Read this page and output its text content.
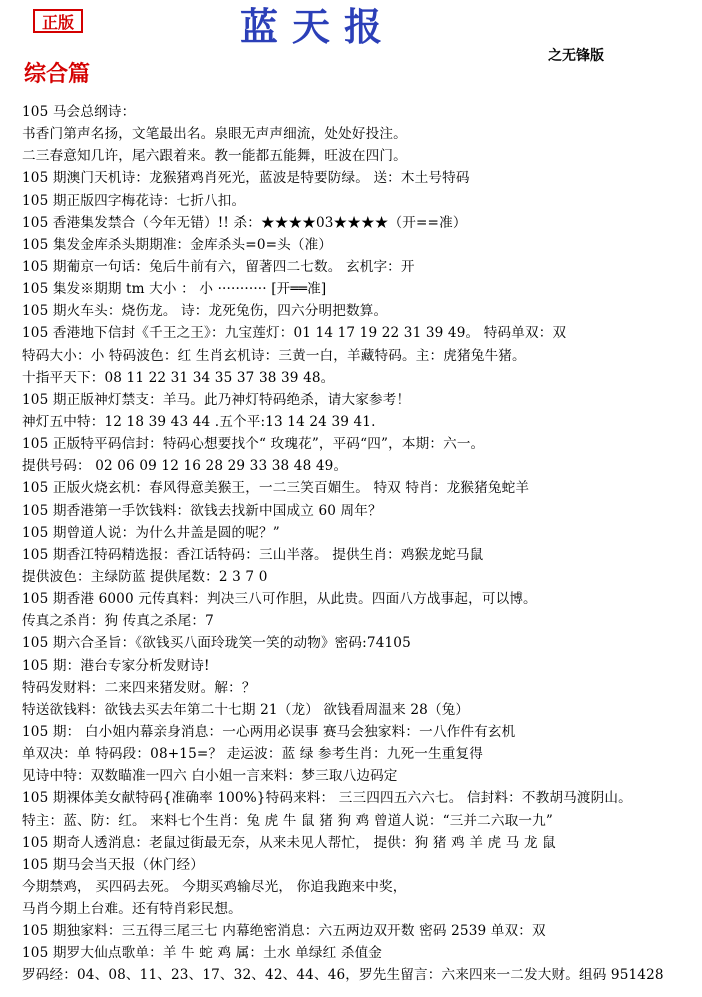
正版	蓝天报
之无锋版
综合篇
105 马会总纲诗：
书香门第声名扬，文笔最出名。泉眼无声声细流，处处好投注。
二三春意知几许，尾六跟着来。教一能都五能舞，旺波在四门。
105 期澳门天机诗：龙猴猪鸡肖死光，蓝波是特要防绿。 送：木土号特码
105 期正版四字梅花诗：七折八扣。
105 香港集发禁合（今年无错）!! 杀：★★★★03★★★★（开==准）
105 集发金库杀头期期准：金库杀头=0=头（准）
105 期葡京一句话：兔后牛前有六，留著四二七数。 玄机字：开
105 集发※期期 tm 大小 ： 小 ··········· [开══准]
105 期火车头：烧伤龙。 诗：龙死兔伤，四六分明把数算。
105 香港地下信封《千王之王》：九宝莲灯：01 14 17 19 22 31 39 49。 特码单双：双
特码大小：小 特码波色：红 生肖玄机诗：三黄一白，羊藏特码。主：虎猪兔牛猪。
十指平天下：08 11 22 31 34 35 37 38 39 48。
105 期正版神灯禁支：羊马。此乃神灯特码绝杀，请大家参考！
神灯五中特：12 18 39 43 44 .五个平:13 14 24 39 41.
105 正版特平码信封：特码心想要找个“ 玫瑰花”，平码“四”，本期：六一。
提供号码： 02 06 09 12 16 28 29 33 38 48 49。
105 正版火烧玄机：春风得意美猴王，一二三笑百媚生。 特双 特肖：龙猴猪兔蛇羊
105 期香港第一手饮钱料：欲钱去找新中国成立 60 周年？
105 期曾道人说：为什么井盖是圆的呢？”
105 期香江特码精选报：香江话特码：三山半落。 提供生肖：鸡猴龙蛇马鼠
提供波色：主绿防蓝 提供尾数：2 3 7 0
105 期香港 6000 元传真料：判决三八可作胆，从此贵。四面八方战事起，可以博。
传真之杀肖：狗 传真之杀尾：7
105 期六合圣旨：《欲钱买八面玲珑笑一笑的动物》密码:74105
105 期：港台专家分析发财诗!
特码发财料：二来四来猪发财。解：？
特送欲钱料：欲钱去买去年第二十七期 21（龙） 欲钱看周温来 28（兔）
105 期： 白小姐内幕亲身消息：一心两用必误事 赛马会独家料：一八作件有玄机
单双决：单 特码段：08+15=？ 走运波：蓝 绿 参考生肖：九死一生重复得
见诗中特：双数瞄准一四六 白小姐一言来料：梦三取八边码定
105 期裸体美女献特码{准确率 100%}特码来料： 三三四四五六六七。 信封料：不教胡马渡阴山。
特主：蓝、防：红。 来料七个生肖：兔 虎 牛 鼠 猪 狗 鸡 曾道人说：“三并二六取一九”
105 期奇人透消息：老鼠过街最无奈，从来未见人帮忙， 提供：狗 猪 鸡 羊 虎 马 龙 鼠
105 期马会当天报（休门经）
今期禁鸡， 买四码去死。 今期买鸡输尽光， 你追我跑来中奖，
马肖今期上台难。还有特肖彩民想。
105 期独家料：三五得三尾三七 内幕绝密消息：六五两边双开数 密码 2539 单双：双
105 期罗大仙点歌单：羊 牛 蛇 鸡 属：土水 单绿红 杀值金
罗码经：04、08、11、23、17、32、42、44、46，罗先生留言：六来四来一二发大财。组码 951428
